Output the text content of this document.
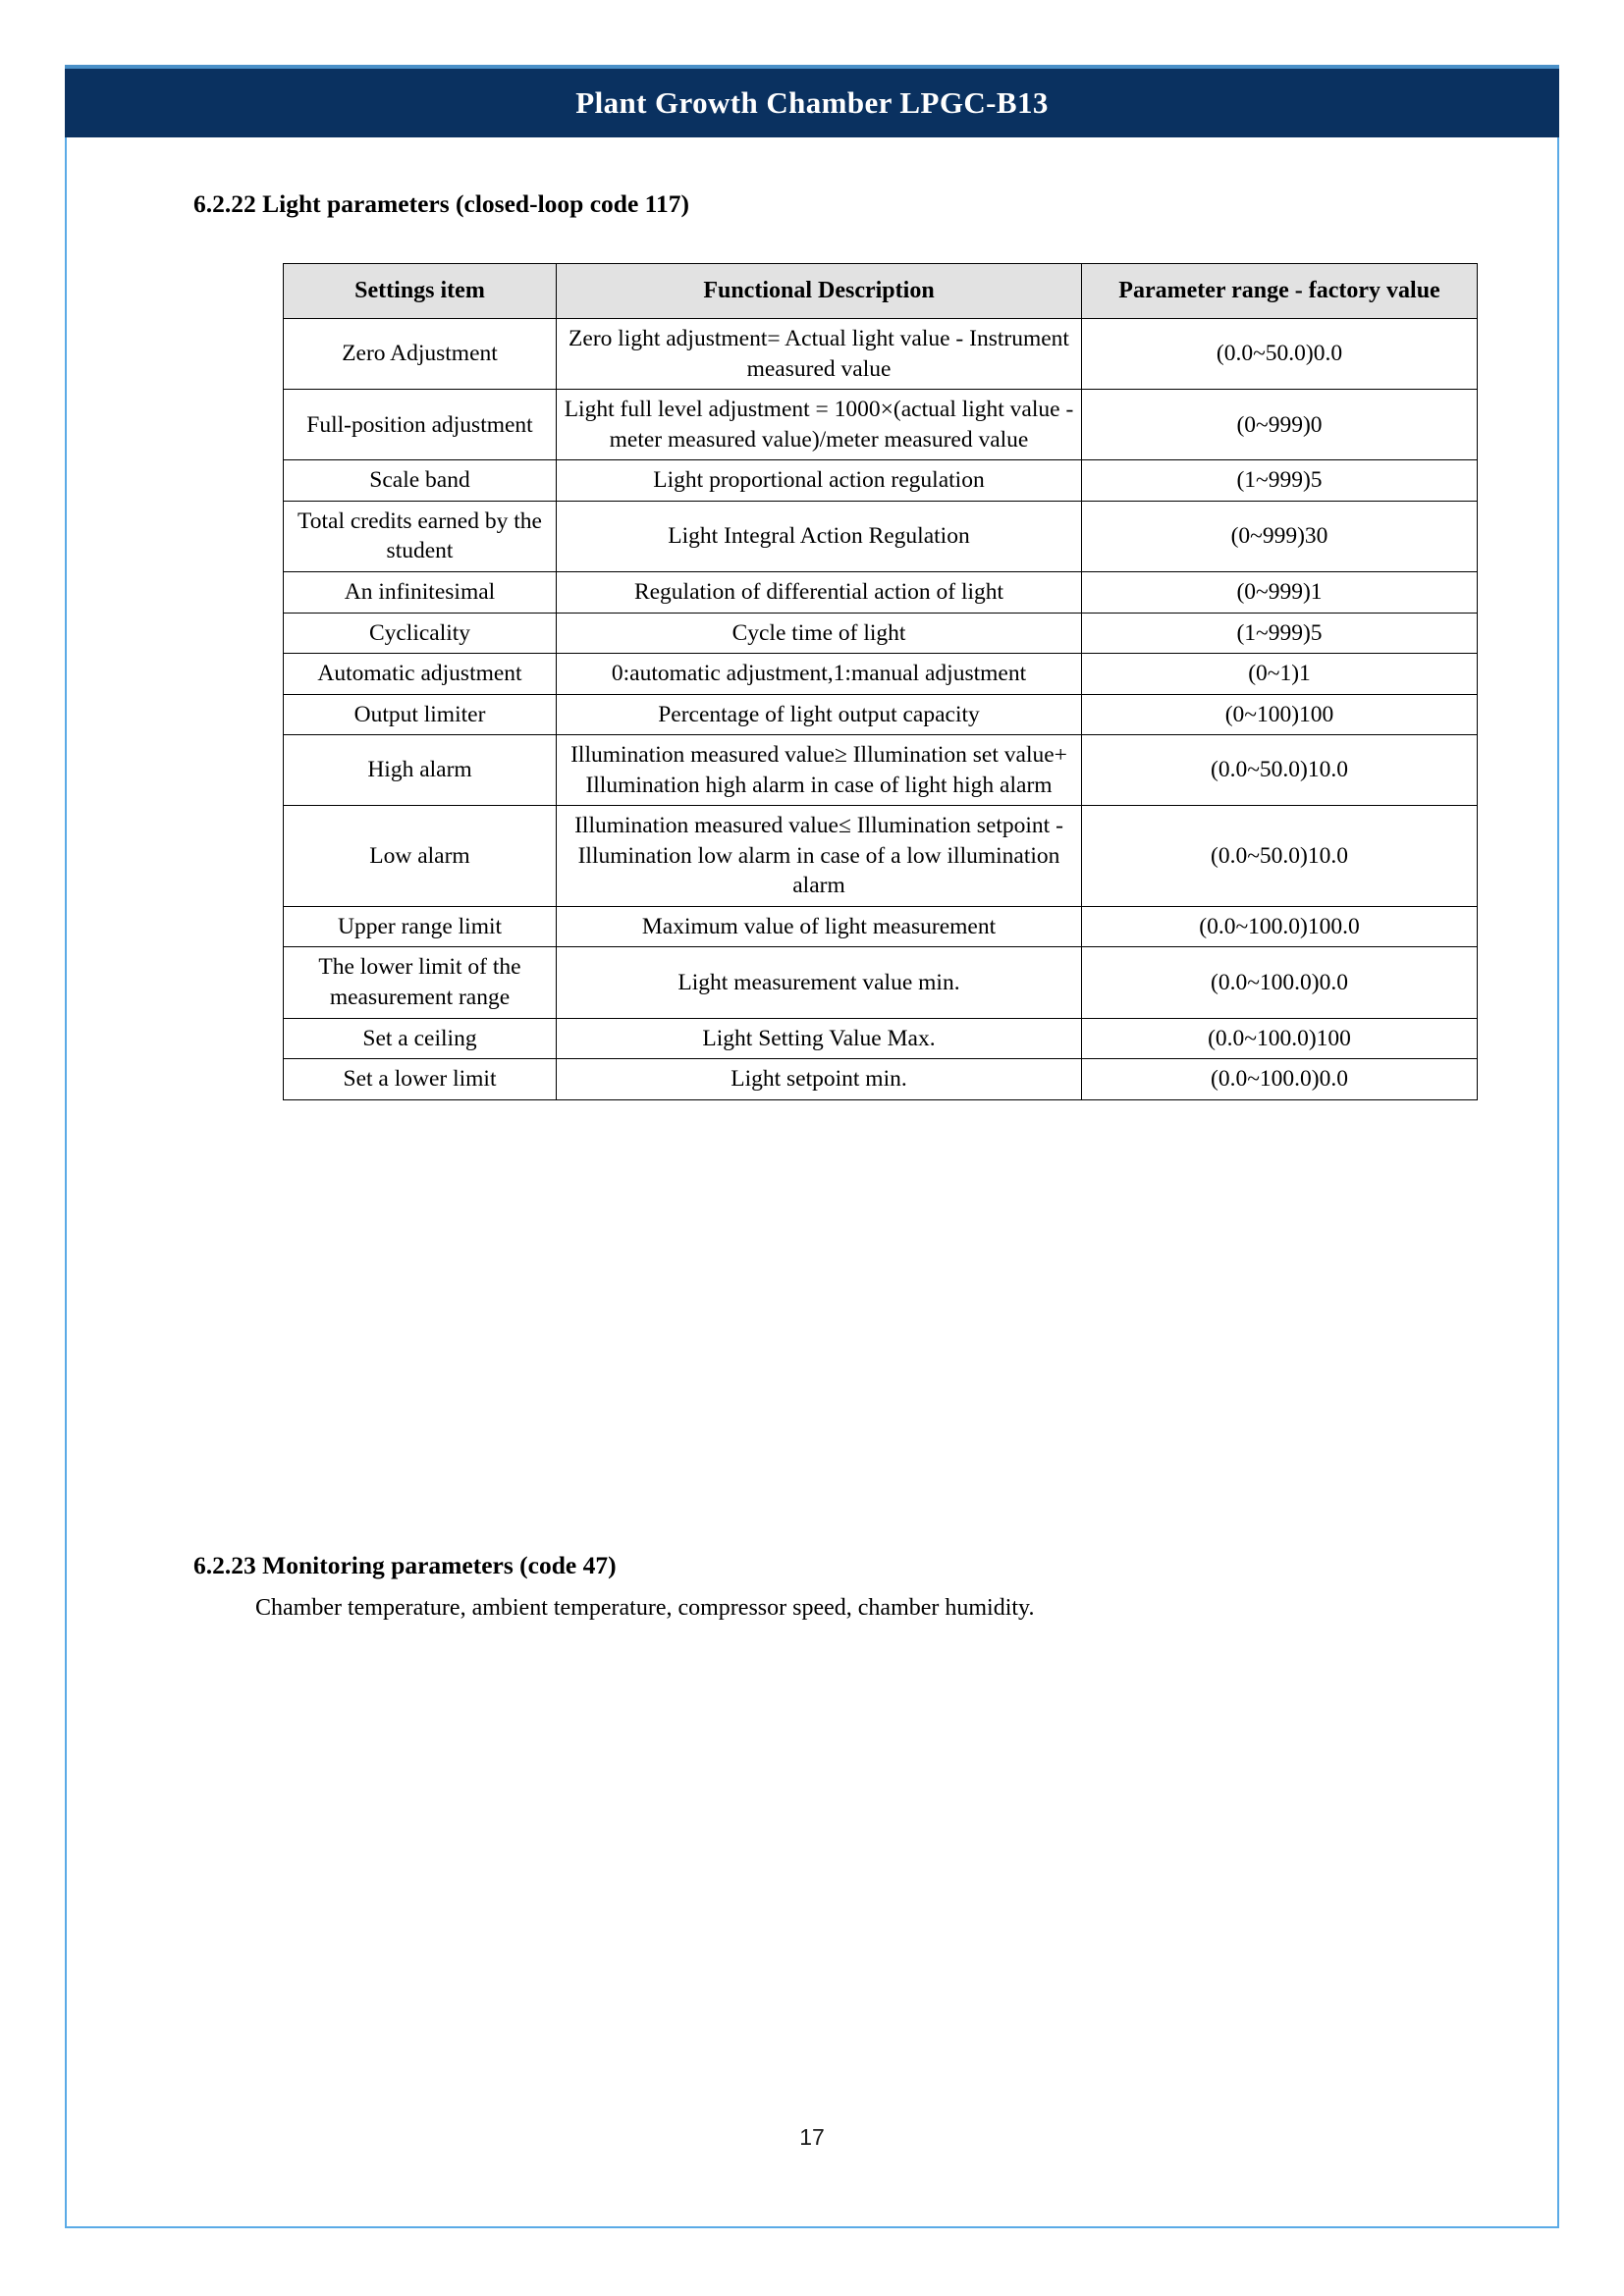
Plant Growth Chamber LPGC-B13
6.2.22 Light parameters (closed-loop code 117)
Settings item	Functional Description	Parameter range - factory value
Zero Adjustment	Zero light adjustment= Actual light value - Instrument measured value	(0.0~50.0)0.0
Full-position adjustment	Light full level adjustment = 1000×(actual light value - meter measured value)/meter measured value	(0~999)0
Scale band	Light proportional action regulation	(1~999)5
Total credits earned by the student	Light Integral Action Regulation	(0~999)30
An infinitesimal	Regulation of differential action of light	(0~999)1
Cyclicality	Cycle time of light	(1~999)5
Automatic adjustment	0:automatic adjustment,1:manual adjustment	(0~1)1
Output limiter	Percentage of light output capacity	(0~100)100
High alarm	Illumination measured value≥ Illumination set value+ Illumination high alarm in case of light high alarm	(0.0~50.0)10.0
Low alarm	Illumination measured value≤ Illumination setpoint - Illumination low alarm in case of a low illumination alarm	(0.0~50.0)10.0
Upper range limit	Maximum value of light measurement	(0.0~100.0)100.0
The lower limit of the measurement range	Light measurement value min.	(0.0~100.0)0.0
Set a ceiling	Light Setting Value Max.	(0.0~100.0)100
Set a lower limit	Light setpoint min.	(0.0~100.0)0.0
6.2.23 Monitoring parameters (code 47)
Chamber temperature, ambient temperature, compressor speed, chamber humidity.
17
